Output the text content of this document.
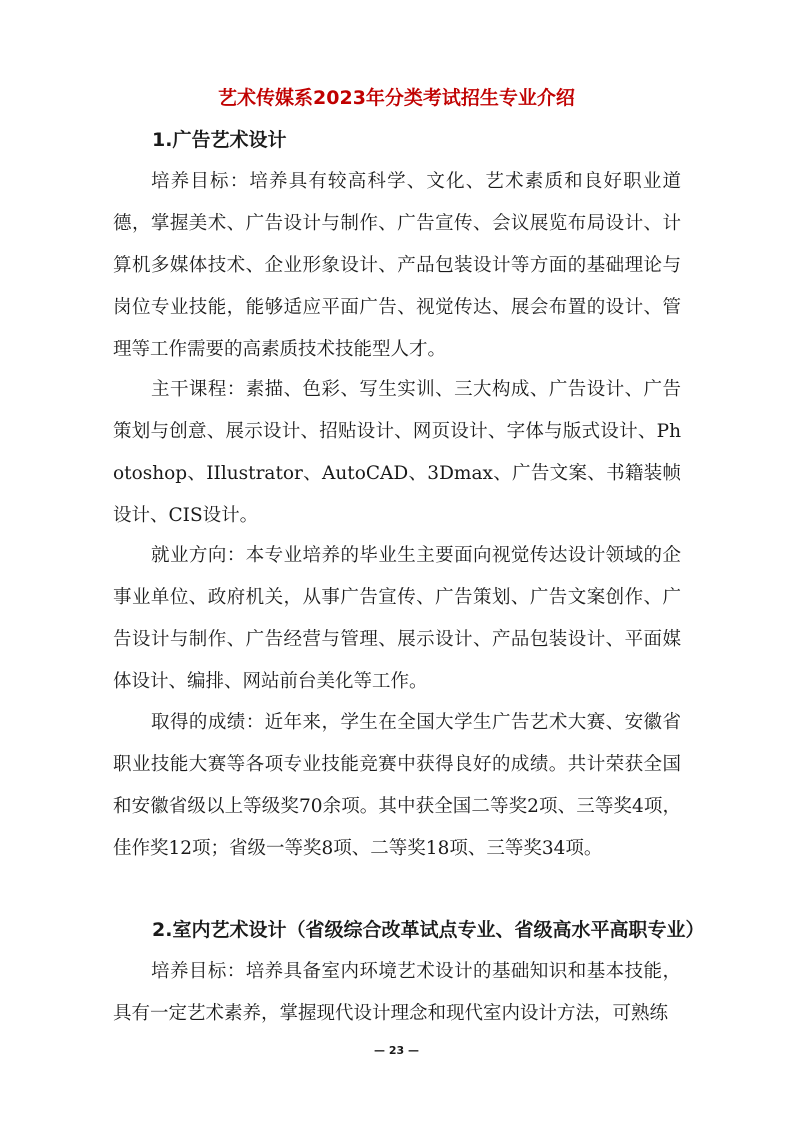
艺术传媒系2023年分类考试招生专业介绍
1.广告艺术设计

培养目标：培养具有较高科学、文化、艺术素质和良好职业道德，掌握美术、广告设计与制作、广告宣传、会议展览布局设计、计算机多媒体技术、企业形象设计、产品包装设计等方面的基础理论与岗位专业技能，能够适应平面广告、视觉传达、展会布置的设计、管理等工作需要的高素质技术技能型人才。

主干课程：素描、色彩、写生实训、三大构成、广告设计、广告策划与创意、展示设计、招贴设计、网页设计、字体与版式设计、Photoshop、IIlustrator、AutoCAD、3Dmax、广告文案、书籍装帧设计、CIS设计。

就业方向：本专业培养的毕业生主要面向视觉传达设计领域的企事业单位、政府机关，从事广告宣传、广告策划、广告文案创作、广告设计与制作、广告经营与管理、展示设计、产品包装设计、平面媒体设计、编排、网站前台美化等工作。

取得的成绩：近年来，学生在全国大学生广告艺术大赛、安徽省职业技能大赛等各项专业技能竞赛中获得良好的成绩。共计荣获全国和安徽省级以上等级奖70余项。其中获全国二等奖2项、三等奖4项，佳作奖12项；省级一等奖8项、二等奖18项、三等奖34项。

2.室内艺术设计（省级综合改革试点专业、省级高水平高职专业）

培养目标：培养具备室内环境艺术设计的基础知识和基本技能，具有一定艺术素养，掌握现代设计理念和现代室内设计方法，可熟练

— 23 —
